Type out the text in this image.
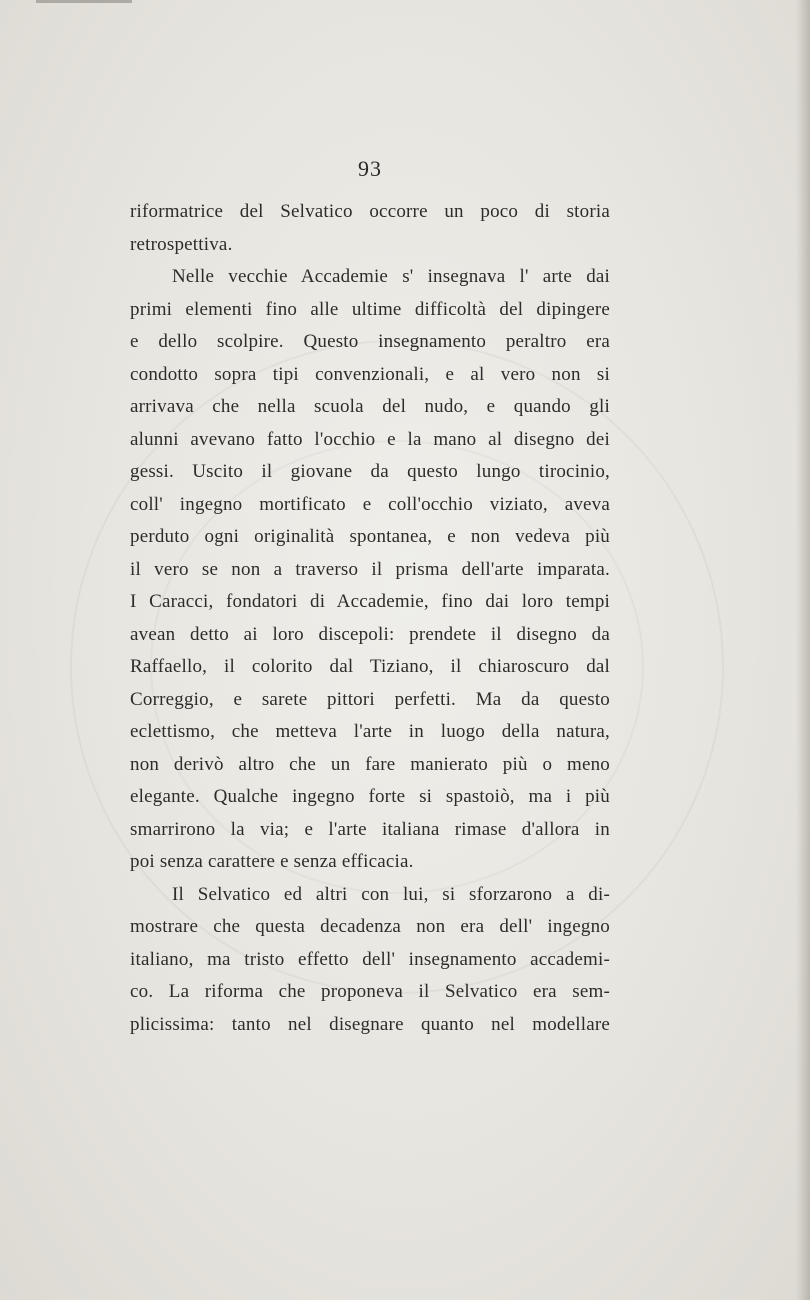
93
riformatrice del Selvatico occorre un poco di storia
retrospettiva.
Nelle vecchie Accademie s' insegnava l' arte dai
primi elementi fino alle ultime difficoltà del dipingere
e dello scolpire. Questo insegnamento peraltro era
condotto sopra tipi convenzionali, e al vero non si
arrivava che nella scuola del nudo, e quando gli
alunni avevano fatto l'occhio e la mano al disegno dei
gessi. Uscito il giovane da questo lungo tirocinio,
coll' ingegno mortificato e coll'occhio viziato, aveva
perduto ogni originalità spontanea, e non vedeva più
il vero se non a traverso il prisma dell'arte imparata.
I Caracci, fondatori di Accademie, fino dai loro tempi
avean detto ai loro discepoli: prendete il disegno da
Raffaello, il colorito dal Tiziano, il chiaroscuro dal
Correggio, e sarete pittori perfetti. Ma da questo
eclettismo, che metteva l'arte in luogo della natura,
non derivò altro che un fare manierato più o meno
elegante. Qualche ingegno forte si spastoiò, ma i più
smarrirono la via; e l'arte italiana rimase d'allora in
poi senza carattere e senza efficacia.
Il Selvatico ed altri con lui, si sforzarono a di-
mostrare che questa decadenza non era dell' ingegno
italiano, ma tristo effetto dell' insegnamento accademi-
co. La riforma che proponeva il Selvatico era sem-
plicissima: tanto nel disegnare quanto nel modellare
